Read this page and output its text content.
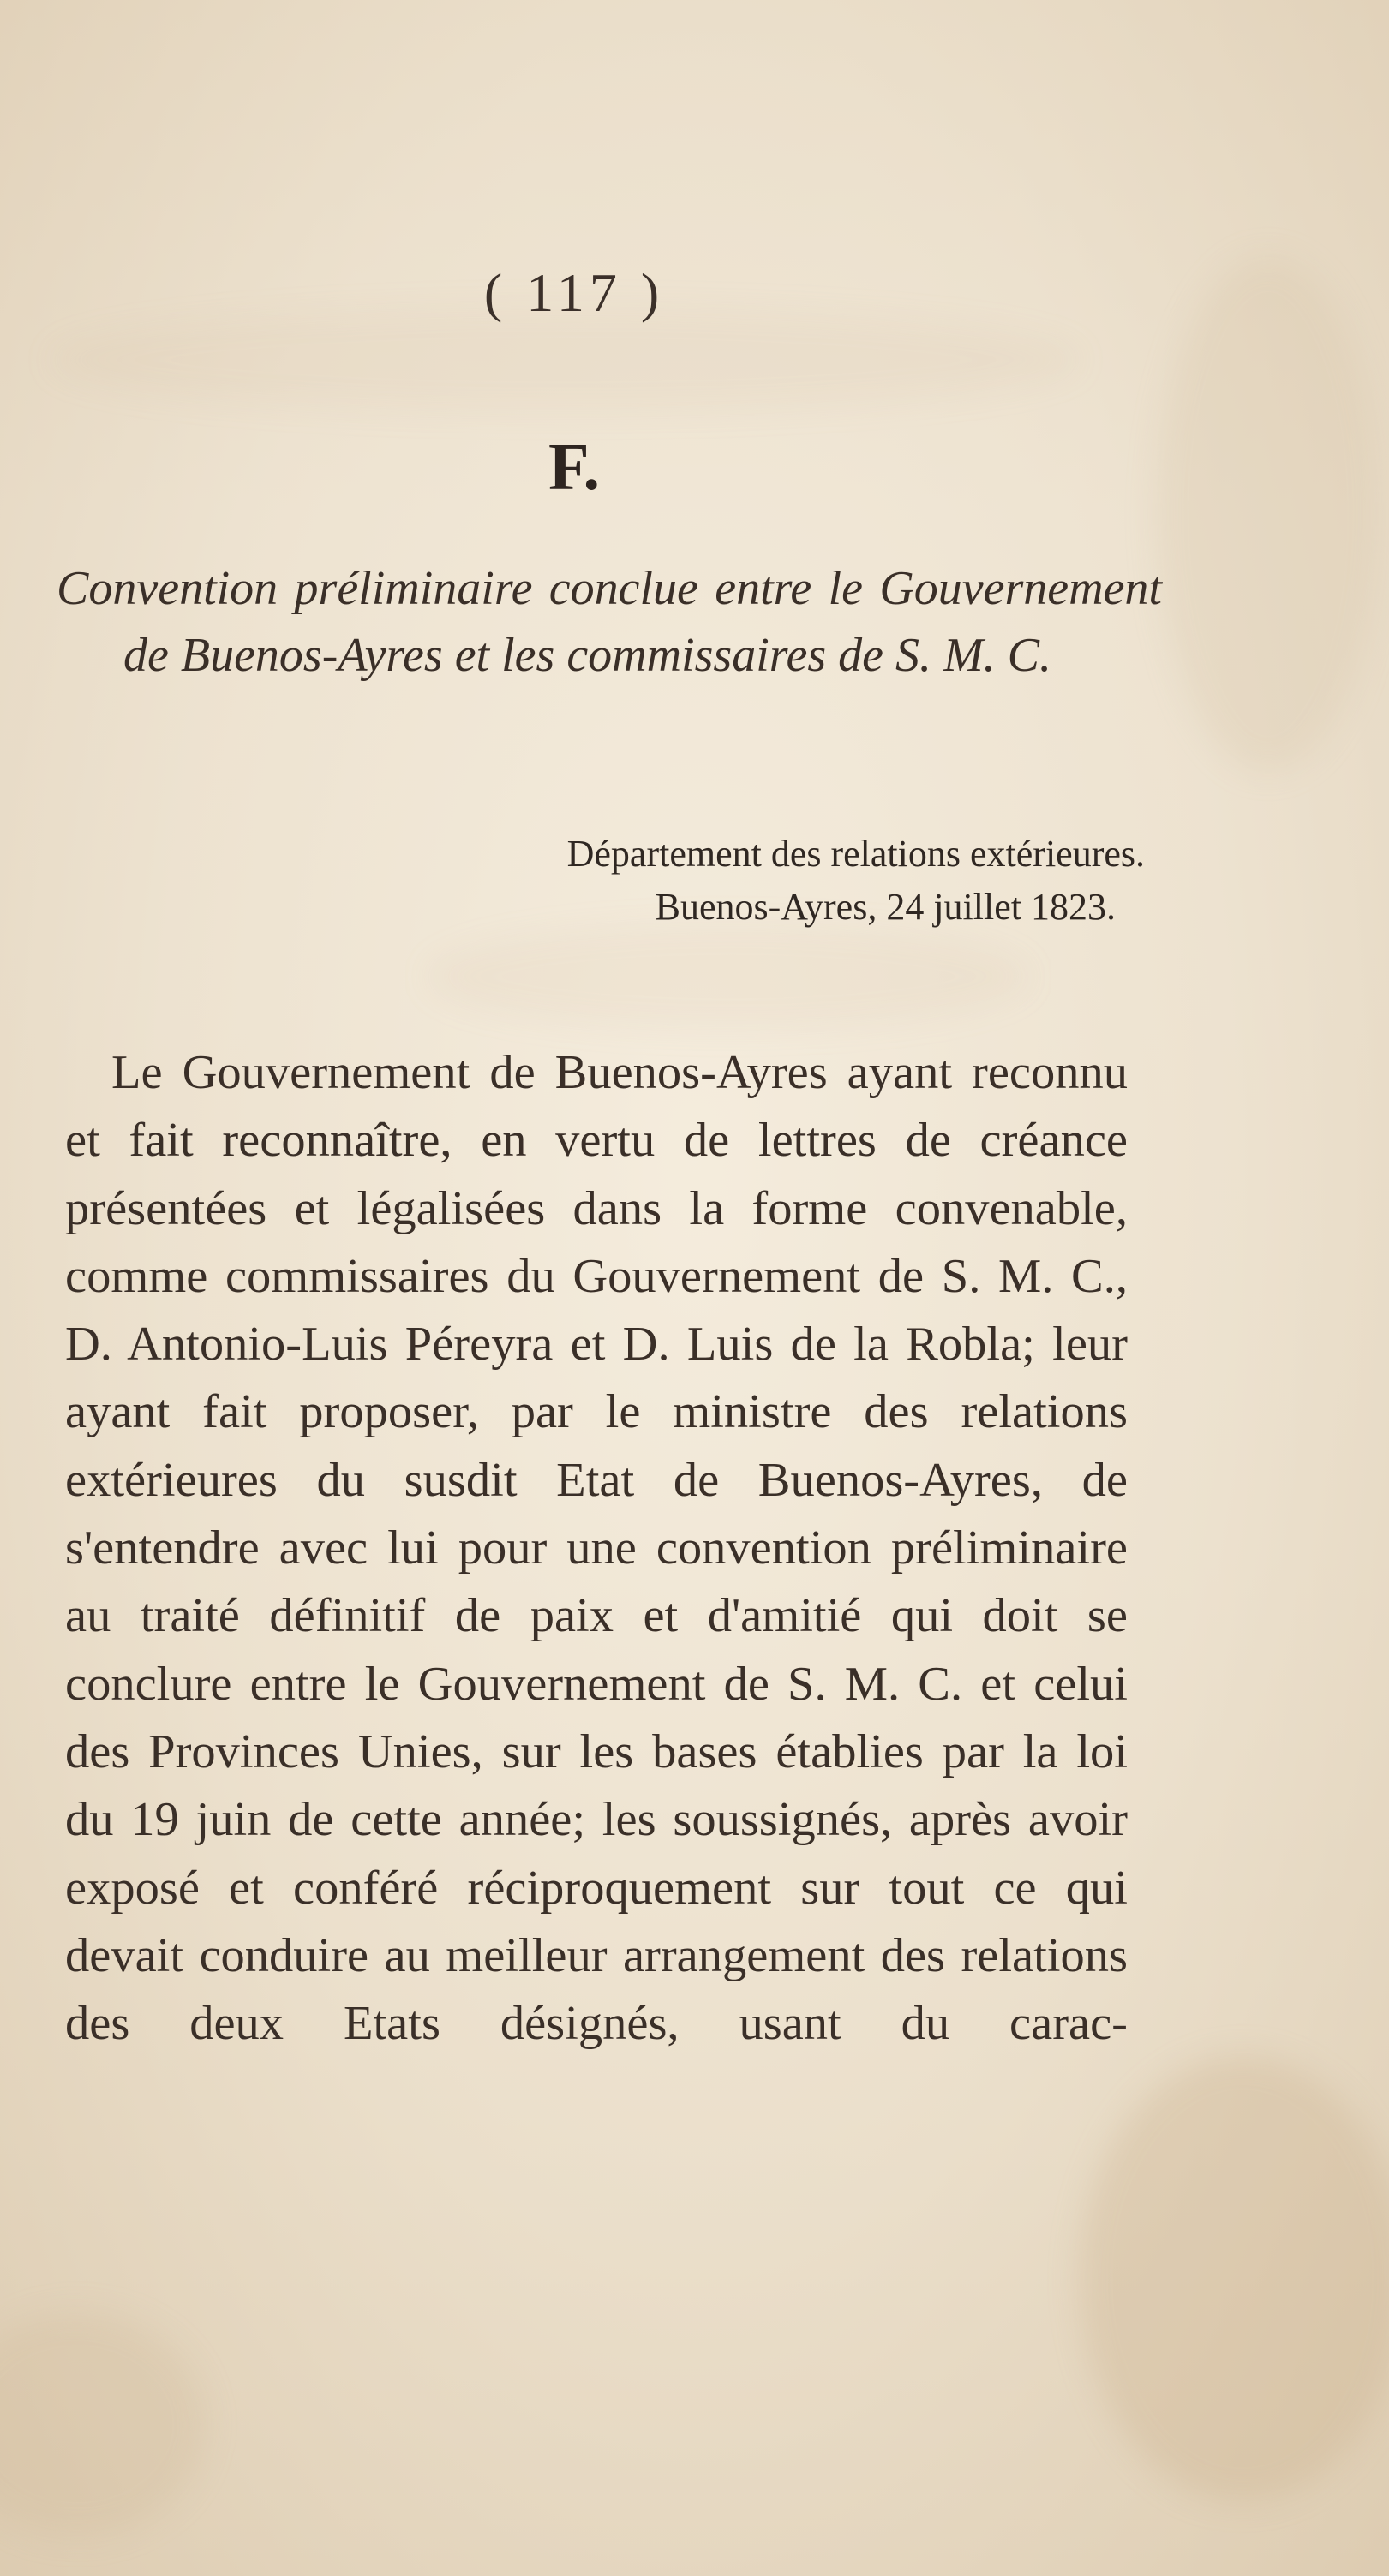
( 117 )
F.
Convention préliminaire conclue entre le Gouvernement de Buenos-Ayres et les commissaires de S. M. C.
Département des relations extérieures.
Buenos-Ayres, 24 juillet 1823.

Le Gouvernement de Buenos-Ayres ayant reconnu et fait reconnaître, en vertu de lettres de créance présentées et légalisées dans la forme convenable, comme commissaires du Gouvernement de S. M. C., D. Antonio-Luis Péreyra et D. Luis de la Robla; leur ayant fait proposer, par le ministre des relations extérieures du susdit Etat de Buenos-Ayres, de s'entendre avec lui pour une convention préliminaire au traité définitif de paix et d'amitié qui doit se conclure entre le Gouvernement de S. M. C. et celui des Provinces Unies, sur les bases établies par la loi du 19 juin de cette année; les soussignés, après avoir exposé et conféré réciproquement sur tout ce qui devait conduire au meilleur arrangement des relations des deux Etats désignés, usant du carac-
